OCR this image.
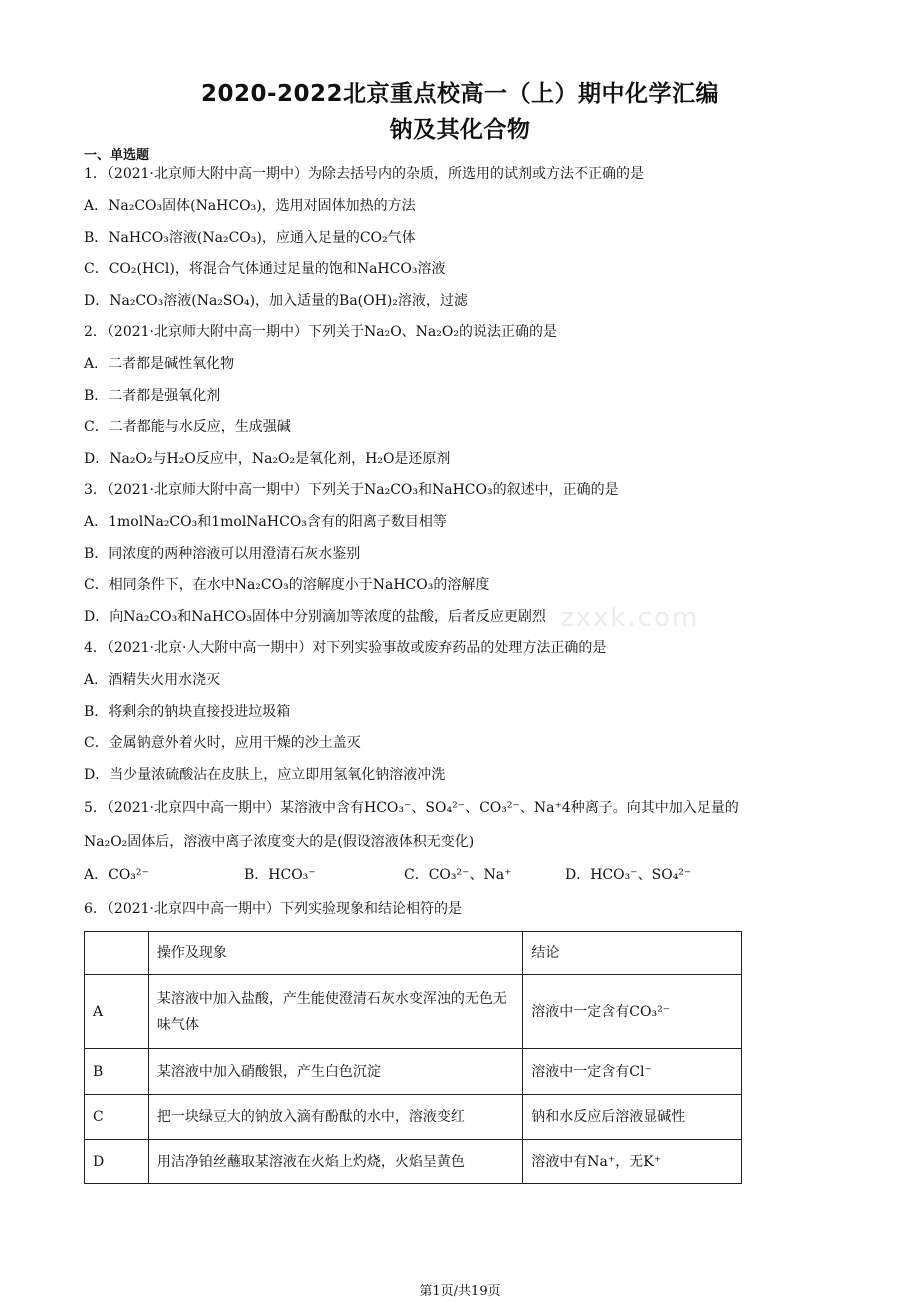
2020-2022北京重点校高一（上）期中化学汇编
钠及其化合物
一、单选题
1．（2021·北京师大附中高一期中）为除去括号内的杂质，所选用的试剂或方法不正确的是
A．Na₂CO₃固体(NaHCO₃)，选用对固体加热的方法
B．NaHCO₃溶液(Na₂CO₃)，应通入足量的CO₂气体
C．CO₂(HCl)，将混合气体通过足量的饱和NaHCO₃溶液
D．Na₂CO₃溶液(Na₂SO₄)，加入适量的Ba(OH)₂溶液，过滤
2．（2021·北京师大附中高一期中）下列关于Na₂O、Na₂O₂的说法正确的是
A．二者都是碱性氧化物
B．二者都是强氧化剂
C．二者都能与水反应，生成强碱
D．Na₂O₂与H₂O反应中，Na₂O₂是氧化剂，H₂O是还原剂
3．（2021·北京师大附中高一期中）下列关于Na₂CO₃和NaHCO₃的叙述中，正确的是
A．1molNa₂CO₃和1molNaHCO₃含有的阳离子数目相等
B．同浓度的两种溶液可以用澄清石灰水鉴别
C．相同条件下，在水中Na₂CO₃的溶解度小于NaHCO₃的溶解度
D．向Na₂CO₃和NaHCO₃固体中分别滴加等浓度的盐酸，后者反应更剧烈 zxxk.com
4．（2021·北京·人大附中高一期中）对下列实验事故或废弃药品的处理方法正确的是
A．酒精失火用水浇灭
B．将剩余的钠块直接投进垃圾箱
C．金属钠意外着火时，应用干燥的沙土盖灭
D．当少量浓硫酸沾在皮肤上，应立即用氢氧化钠溶液冲洗
5．（2021·北京四中高一期中）某溶液中含有HCO₃⁻、SO₄²⁻、CO₃²⁻、Na⁺4种离子。向其中加入足量的
Na₂O₂固体后，溶液中离子浓度变大的是(假设溶液体积无变化)
A．CO₃²⁻	B．HCO₃⁻	C．CO₃²⁻、Na⁺	D．HCO₃⁻、SO₄²⁻
6．（2021·北京四中高一期中）下列实验现象和结论相符的是
	操作及现象	结论
A	某溶液中加入盐酸，产生能使澄清石灰水变浑浊的无色无味气体	溶液中一定含有CO₃²⁻
B	某溶液中加入硝酸银，产生白色沉淀	溶液中一定含有Cl⁻
C	把一块绿豆大的钠放入滴有酚酞的水中，溶液变红	钠和水反应后溶液显碱性
D	用洁净铂丝蘸取某溶液在火焰上灼烧，火焰呈黄色	溶液中有Na⁺，无K⁺
第1页/共19页
